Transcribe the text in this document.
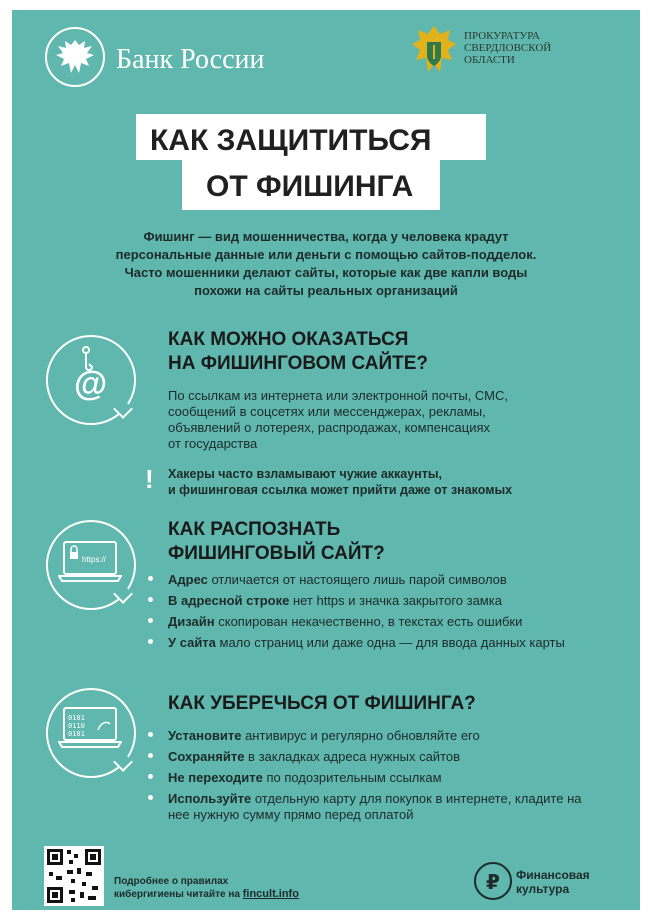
Банк России
ПРОКУРАТУРА
СВЕРДЛОВСКОЙ
ОБЛАСТИ
КАК ЗАЩИТИТЬСЯ
ОТ ФИШИНГА
Фишинг — вид мошенничества, когда у человека крадут
персональные данные или деньги с помощью сайтов-подделок.
Часто мошенники делают сайты, которые как две капли воды
похожи на сайты реальных организаций
@
КАК МОЖНО ОКАЗАТЬСЯ
НА ФИШИНГОВОМ САЙТЕ?
По ссылкам из интернета или электронной почты, СМС,
сообщений в соцсетях или мессенджерах, рекламы,
объявлений о лотереях, распродажах, компенсациях
от государства
! Хакеры часто взламывают чужие аккаунты,
и фишинговая ссылка может прийти даже от знакомых
https://
КАК РАСПОЗНАТЬ
ФИШИНГОВЫЙ САЙТ?
Адрес отличается от настоящего лишь парой символов
В адресной строке нет https и значка закрытого замка
Дизайн скопирован некачественно, в текстах есть ошибки
У сайта мало страниц или даже одна — для ввода данных карты
0101
0110
0101
КАК УБЕРЕЧЬСЯ ОТ ФИШИНГА?
Установите антивирус и регулярно обновляйте его
Сохраняйте в закладках адреса нужных сайтов
Не переходите по подозрительным ссылкам
Используйте отдельную карту для покупок в интернете, кладите на нее нужную сумму прямо перед оплатой
Подробнее о правилах
кибергигиены читайте на fincult.info	₽	Финансовая
культура
